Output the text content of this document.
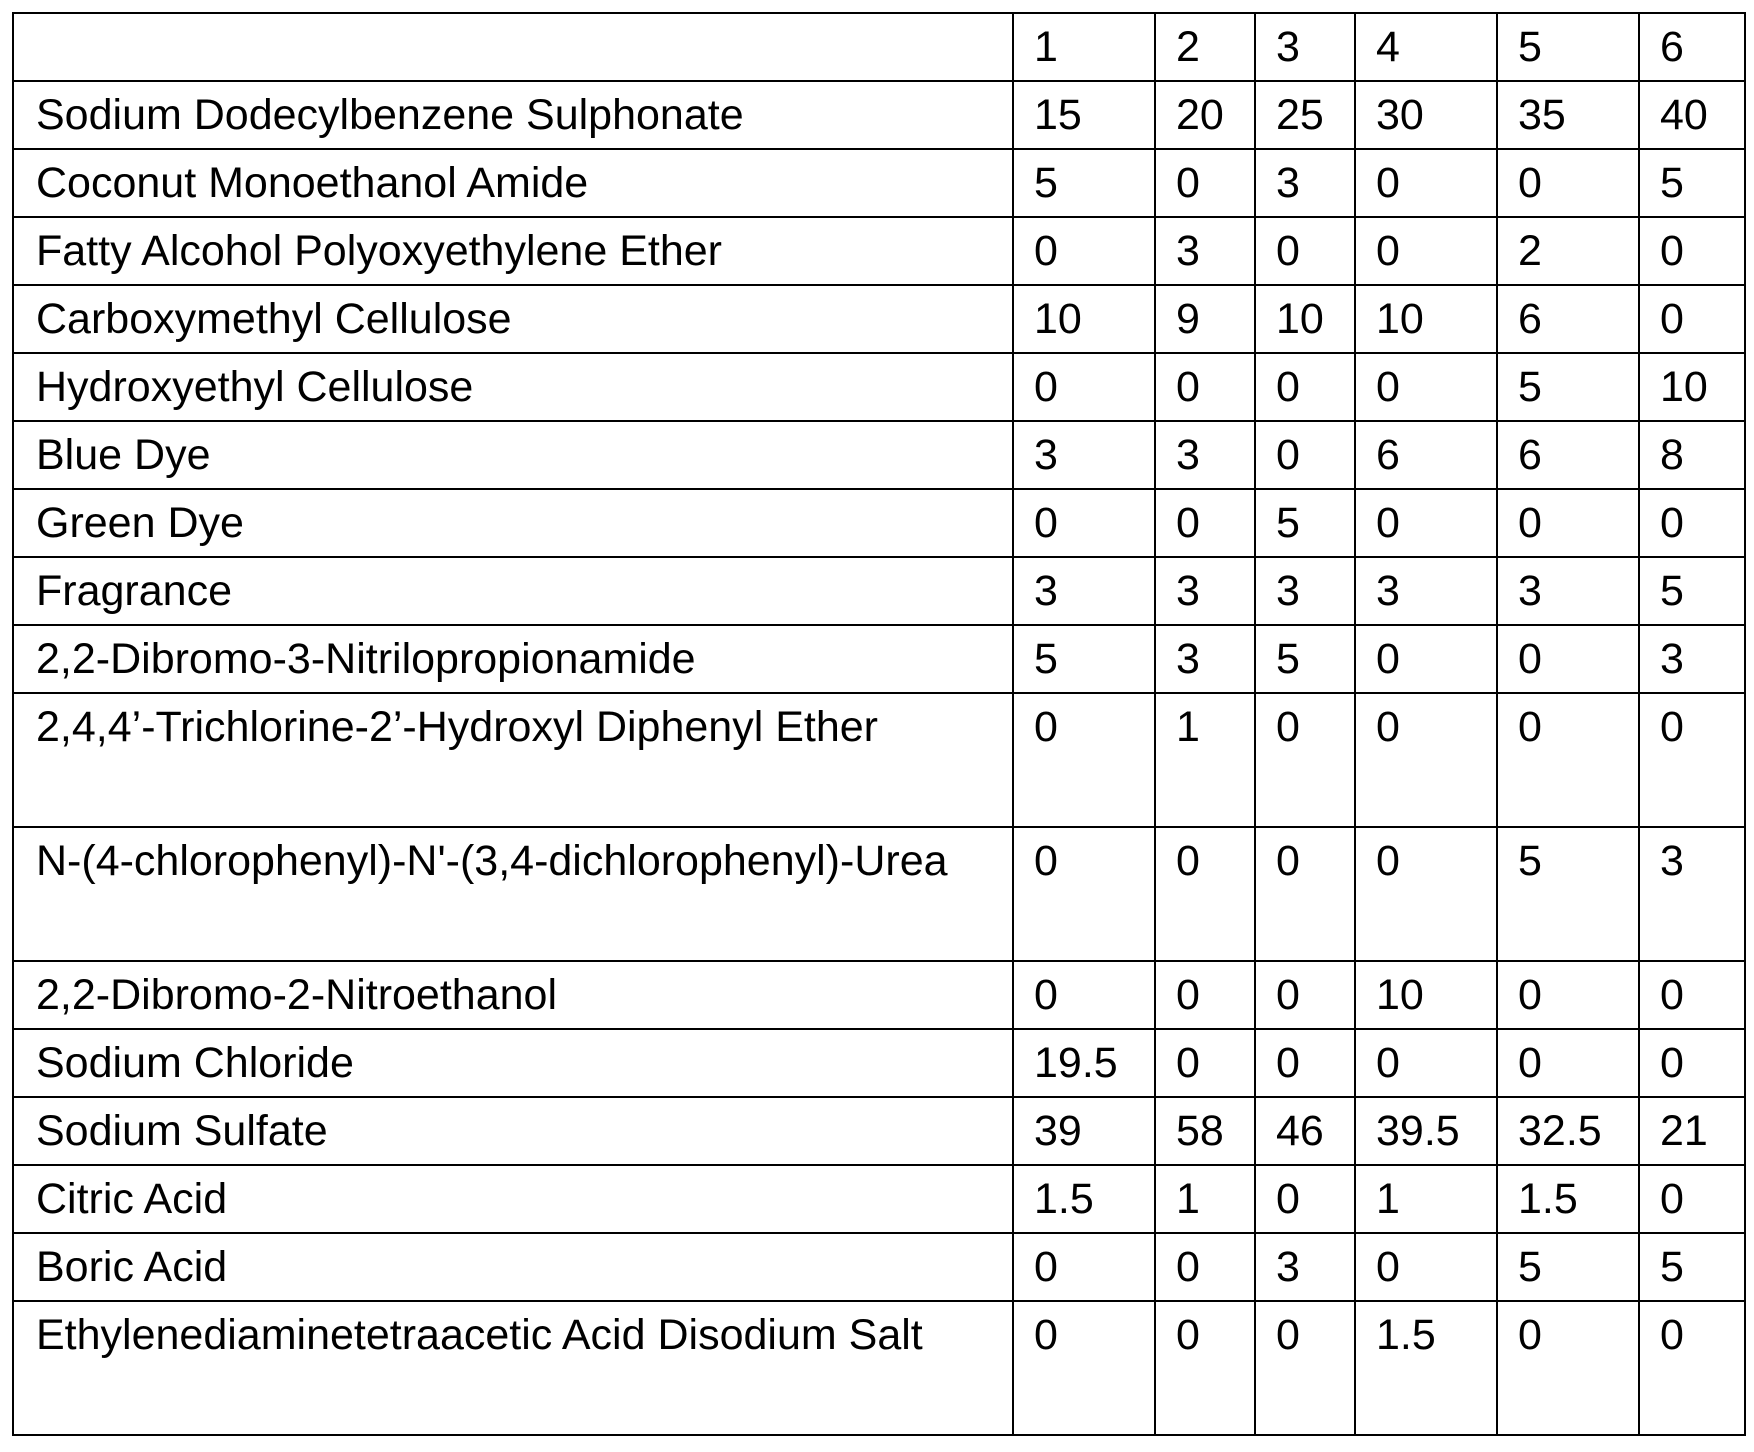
	1	2	3	4	5	6
Sodium Dodecylbenzene Sulphonate	15	20	25	30	35	40
Coconut Monoethanol Amide	5	0	3	0	0	5
Fatty Alcohol Polyoxyethylene Ether	0	3	0	0	2	0
Carboxymethyl Cellulose	10	9	10	10	6	0
Hydroxyethyl Cellulose	0	0	0	0	5	10
Blue Dye	3	3	0	6	6	8
Green Dye	0	0	5	0	0	0
Fragrance	3	3	3	3	3	5
2,2-Dibromo-3-Nitrilopropionamide	5	3	5	0	0	3
2,4,4’-Trichlorine-2’-Hydroxyl Diphenyl Ether	0	1	0	0	0	0
N-(4-chlorophenyl)-N'-(3,4-dichlorophenyl)-Urea	0	0	0	0	5	3
2,2-Dibromo-2-Nitroethanol	0	0	0	10	0	0
Sodium Chloride	19.5	0	0	0	0	0
Sodium Sulfate	39	58	46	39.5	32.5	21
Citric Acid	1.5	1	0	1	1.5	0
Boric Acid	0	0	3	0	5	5
Ethylenediaminetetraacetic Acid Disodium Salt	0	0	0	1.5	0	0
